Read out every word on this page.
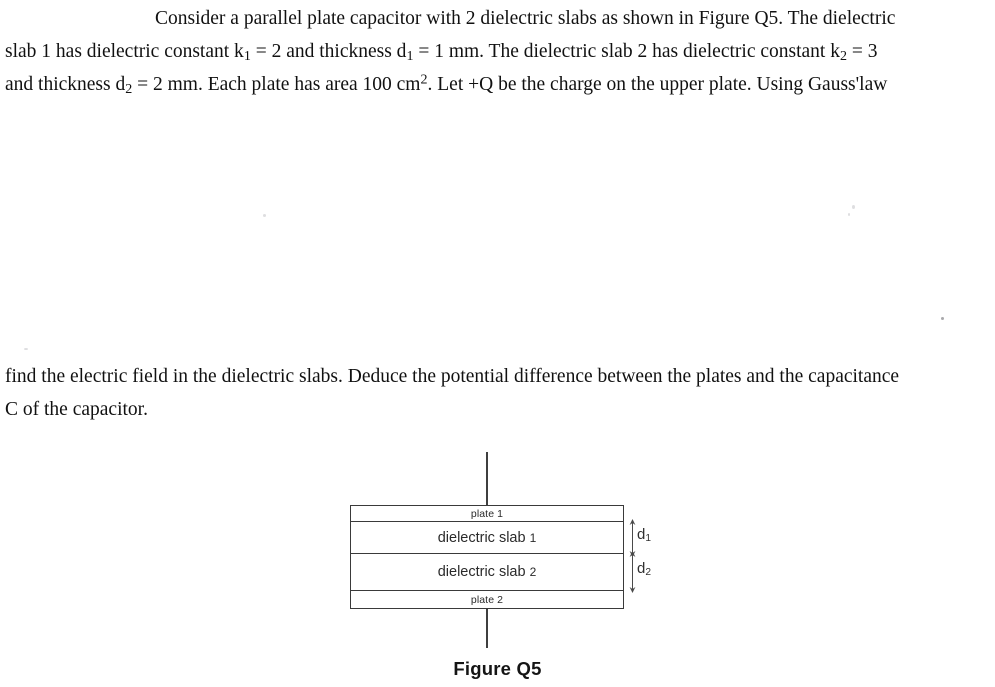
Consider a parallel plate capacitor with 2 dielectric slabs as shown in Figure Q5. The dielectric
slab 1 has dielectric constant $k_1 = 2$ and thickness $d_1 = 1$ mm. The dielectric slab 2 has dielectric constant $k_2 = 3$
and thickness $d_2 = 2$ mm. Each plate has area 100 $cm^2$. Let +Q be the charge on the upper plate. Using Gauss'law
find the electric field in the dielectric slabs. Deduce the potential difference between the plates and the capacitance
C of the capacitor.
plate 1
dielectric slab 1
dielectric slab 2
plate 2
$d_1$
$d_2$
Figure Q5
